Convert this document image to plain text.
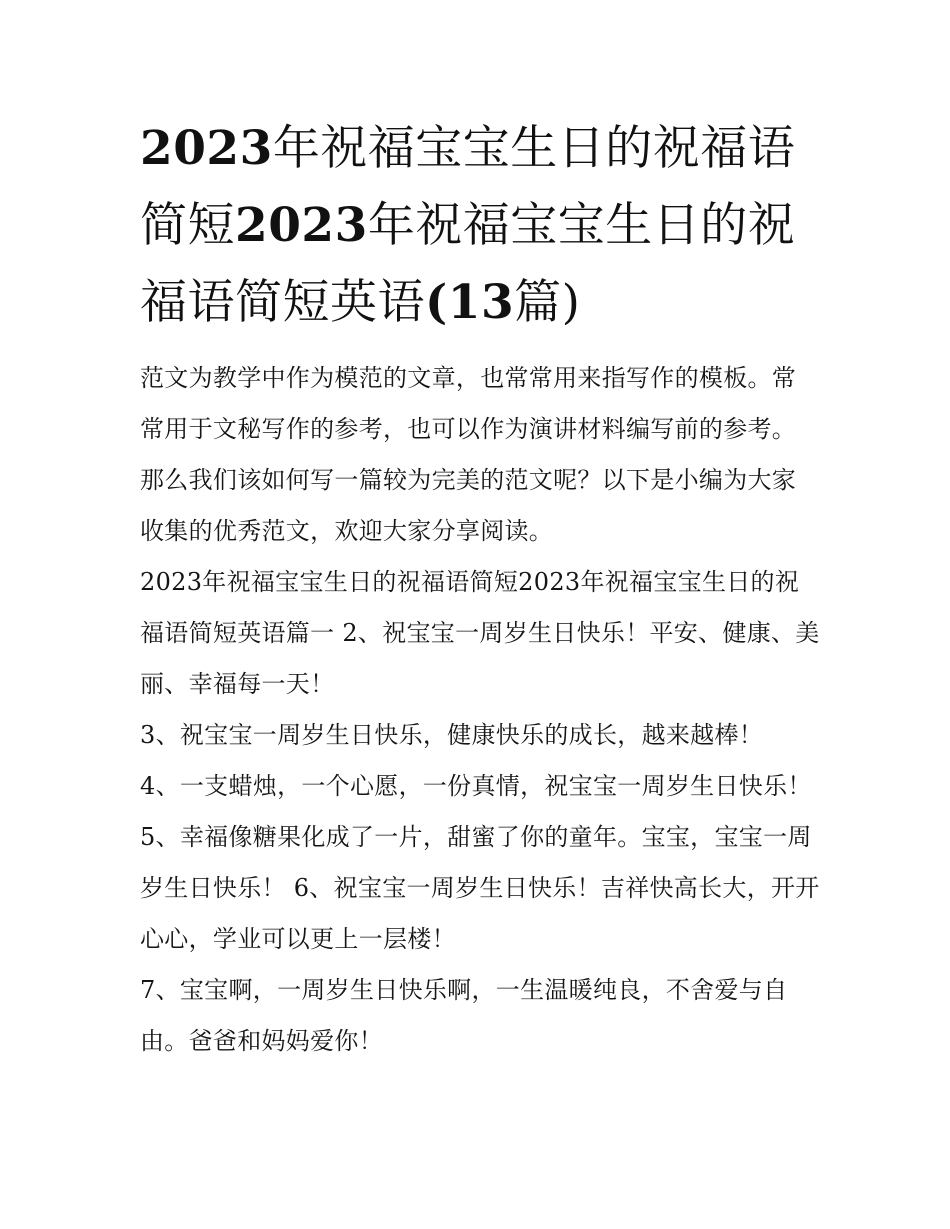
2023年祝福宝宝生日的祝福语简短2023年祝福宝宝生日的祝福语简短英语(13篇)

范文为教学中作为模范的文章，也常常用来指写作的模板。常常用于文秘写作的参考，也可以作为演讲材料编写前的参考。那么我们该如何写一篇较为完美的范文呢？以下是小编为大家收集的优秀范文，欢迎大家分享阅读。

2023年祝福宝宝生日的祝福语简短2023年祝福宝宝生日的祝福语简短英语篇一 2、祝宝宝一周岁生日快乐！平安、健康、美丽、幸福每一天！

3、祝宝宝一周岁生日快乐，健康快乐的成长，越来越棒！

4、一支蜡烛，一个心愿，一份真情，祝宝宝一周岁生日快乐！

5、幸福像糖果化成了一片，甜蜜了你的童年。宝宝，宝宝一周岁生日快乐！ 6、祝宝宝一周岁生日快乐！吉祥快高长大，开开心心，学业可以更上一层楼！

7、宝宝啊，一周岁生日快乐啊，一生温暖纯良，不舍爱与自由。爸爸和妈妈爱你！
